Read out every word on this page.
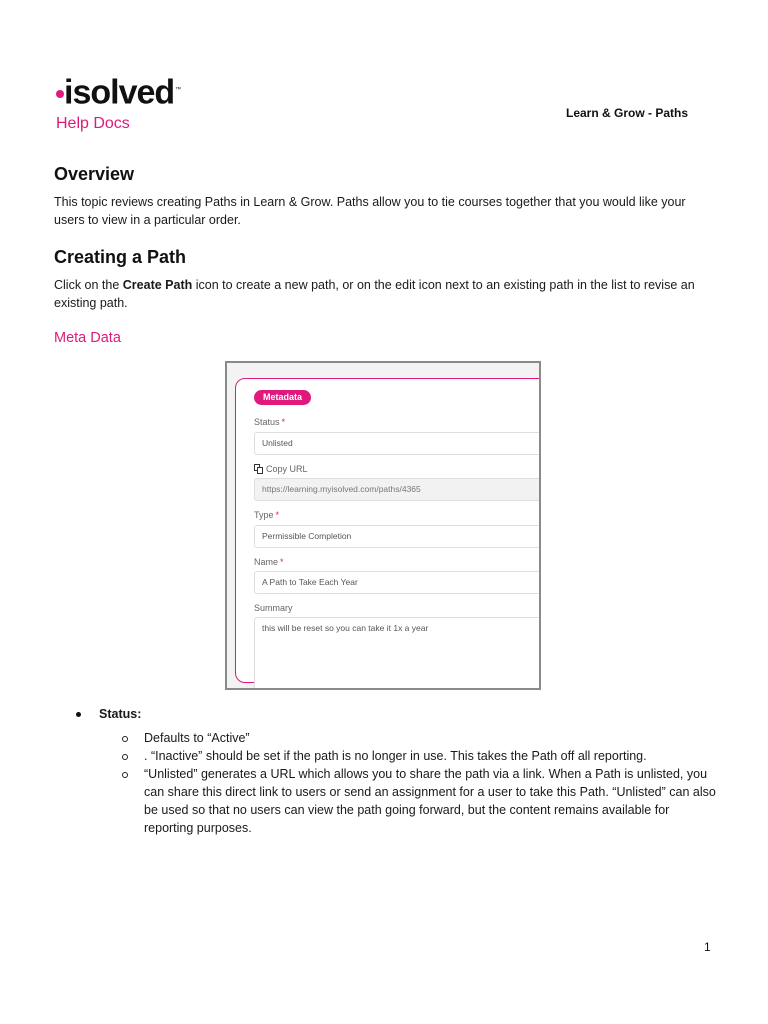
isolved™
Help Docs
Learn & Grow - Paths
Overview

This topic reviews creating Paths in Learn & Grow. Paths allow you to tie courses together that you would like your users to view in a particular order.

Creating a Path

Click on the Create Path icon to create a new path, or on the edit icon next to an existing path in the list to revise an existing path.

Meta Data
Metadata
Status *
Unlisted
Copy URL
https://learning.myisolved.com/paths/4365
Type *
Permissible Completion
Name *
A Path to Take Each Year
Summary
this will be reset so you can take it 1x a year
Status:

Defaults to “Active”

. “Inactive” should be set if the path is no longer in use. This takes the Path off all reporting.

“Unlisted” generates a URL which allows you to share the path via a link. When a Path is unlisted, you can share this direct link to users or send an assignment for a user to take this Path. “Unlisted” can also be used so that no users can view the path going forward, but the content remains available for reporting purposes.

1
